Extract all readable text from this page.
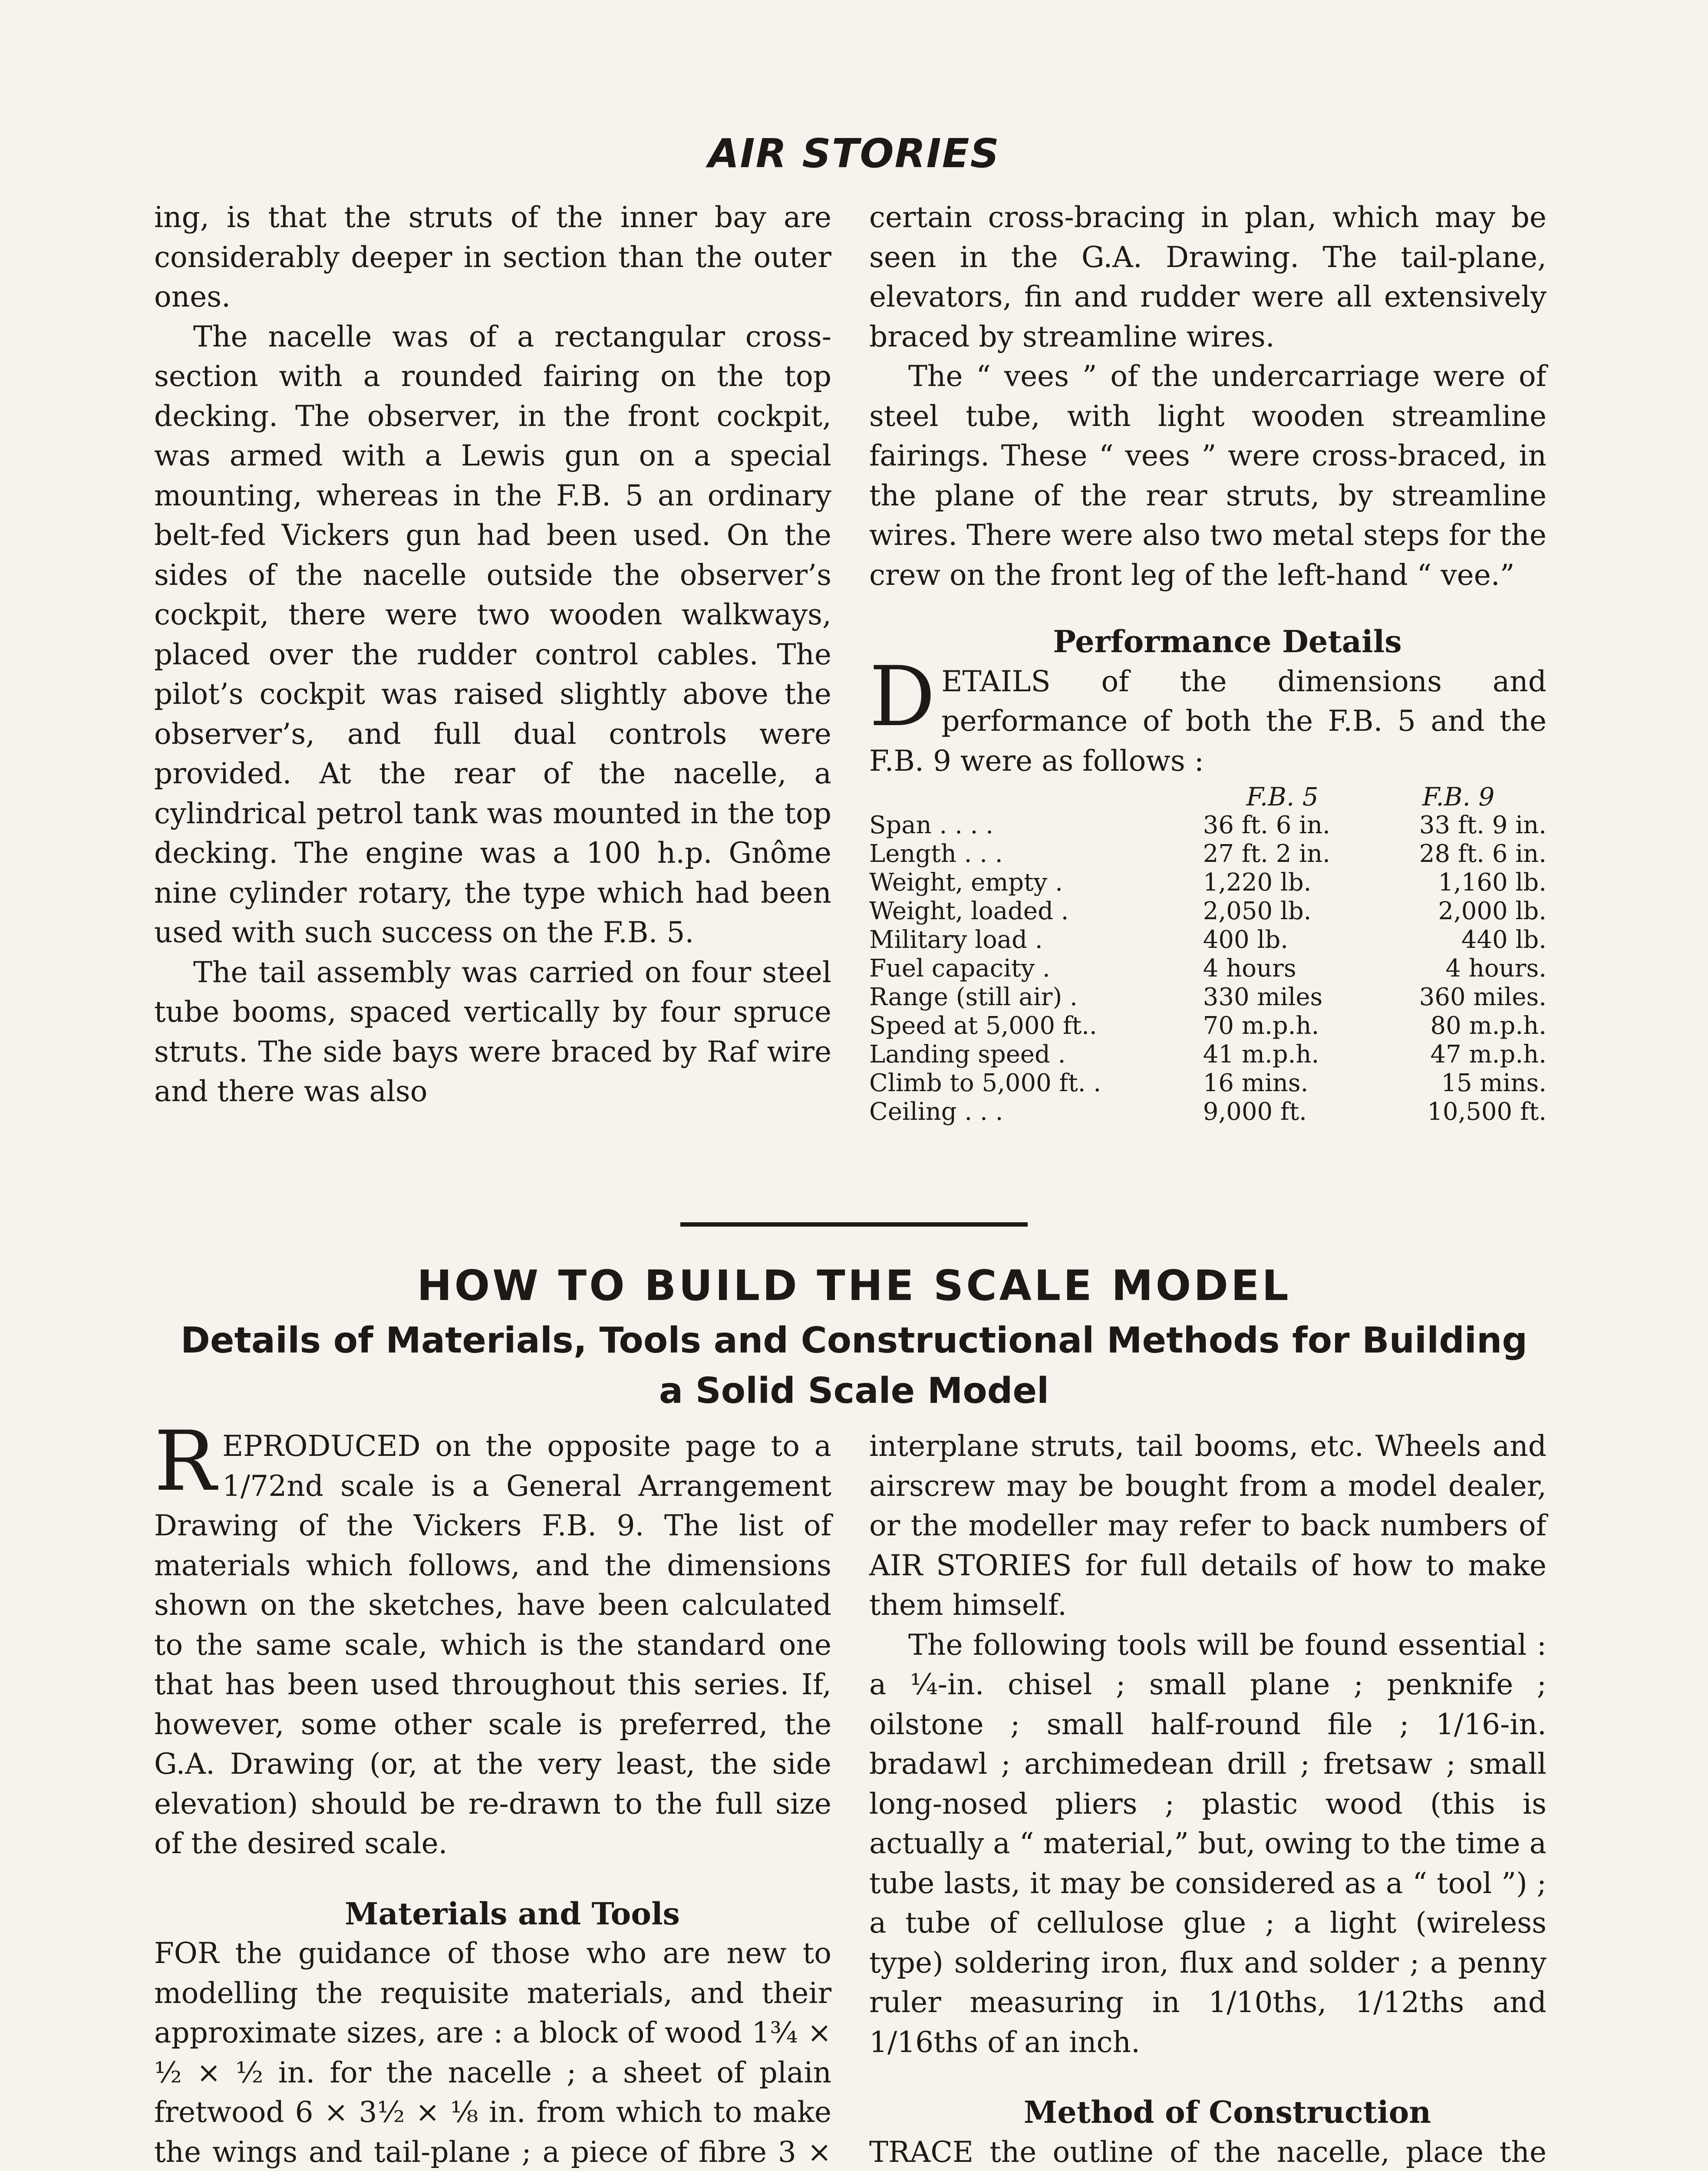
AIR STORIES

ing, is that the struts of the inner bay are considerably deeper in section than the outer ones.

The nacelle was of a rectangular cross-section with a rounded fairing on the top decking. The observer, in the front cockpit, was armed with a Lewis gun on a special mounting, whereas in the F.B. 5 an ordinary belt-fed Vickers gun had been used. On the sides of the nacelle outside the observer’s cockpit, there were two wooden walkways, placed over the rudder control cables. The pilot’s cockpit was raised slightly above the observer’s, and full dual controls were provided. At the rear of the nacelle, a cylindrical petrol tank was mounted in the top decking. The engine was a 100 h.p. Gnôme nine cylinder rotary, the type which had been used with such success on the F.B. 5.

The tail assembly was carried on four steel tube booms, spaced vertically by four spruce struts. The side bays were braced by Raf wire and there was also

certain cross-bracing in plan, which may be seen in the G.A. Drawing. The tail-plane, elevators, fin and rudder were all extensively braced by streamline wires.

The “ vees ” of the undercarriage were of steel tube, with light wooden streamline fairings. These “ vees ” were cross-braced, in the plane of the rear struts, by streamline wires. There were also two metal steps for the crew on the front leg of the left-hand “ vee.”

Performance Details

DETAILS of the dimensions and performance of both the F.B. 5 and the F.B. 9 were as follows :

	F.B. 5	F.B. 9
Span . . . .	36 ft. 6 in.	33 ft. 9 in.
Length . . .	27 ft. 2 in.	28 ft. 6 in.
Weight, empty .	1,220 lb.	1,160 lb.
Weight, loaded .	2,050 lb.	2,000 lb.
Military load .	400 lb.	440 lb.
Fuel capacity .	4 hours	4 hours.
Range (still air) .	330 miles	360 miles.
Speed at 5,000 ft..	70 m.p.h.	80 m.p.h.
Landing speed .	41 m.p.h.	47 m.p.h.
Climb to 5,000 ft. .	16 mins.	15 mins.
Ceiling . . .	9,000 ft.	10,500 ft.
HOW TO BUILD THE SCALE MODEL
Details of Materials, Tools and Constructional Methods for Building a Solid Scale Model

REPRODUCED on the opposite page to a 1/72nd scale is a General Arrangement Drawing of the Vickers F.B. 9. The list of materials which follows, and the dimensions shown on the sketches, have been calculated to the same scale, which is the standard one that has been used throughout this series. If, however, some other scale is preferred, the G.A. Drawing (or, at the very least, the side elevation) should be re-drawn to the full size of the desired scale.

Materials and Tools

FOR the guidance of those who are new to modelling the requisite materials, and their approximate sizes, are : a block of wood 1¾ × ½ × ½ in. for the nacelle ; a sheet of plain fretwood 6 × 3½ × ⅛ in. from which to make the wings and tail-plane ; a piece of fibre 3 ×

interplane struts, tail booms, etc. Wheels and airscrew may be bought from a model dealer, or the modeller may refer to back numbers of AIR STORIES for full details of how to make them himself.

The following tools will be found essential : a ¼-in. chisel ; small plane ; penknife ; oilstone ; small half-round file ; 1/16-in. bradawl ; archimedean drill ; fretsaw ; small long-nosed pliers ; plastic wood (this is actually a “ material,” but, owing to the time a tube lasts, it may be considered as a “ tool ”) ; a tube of cellulose glue ; a light (wireless type) soldering iron, flux and solder ; a penny ruler measuring in 1/10ths, 1/12ths and 1/16ths of an inch.

Method of Construction

TRACE the outline of the nacelle, place the
